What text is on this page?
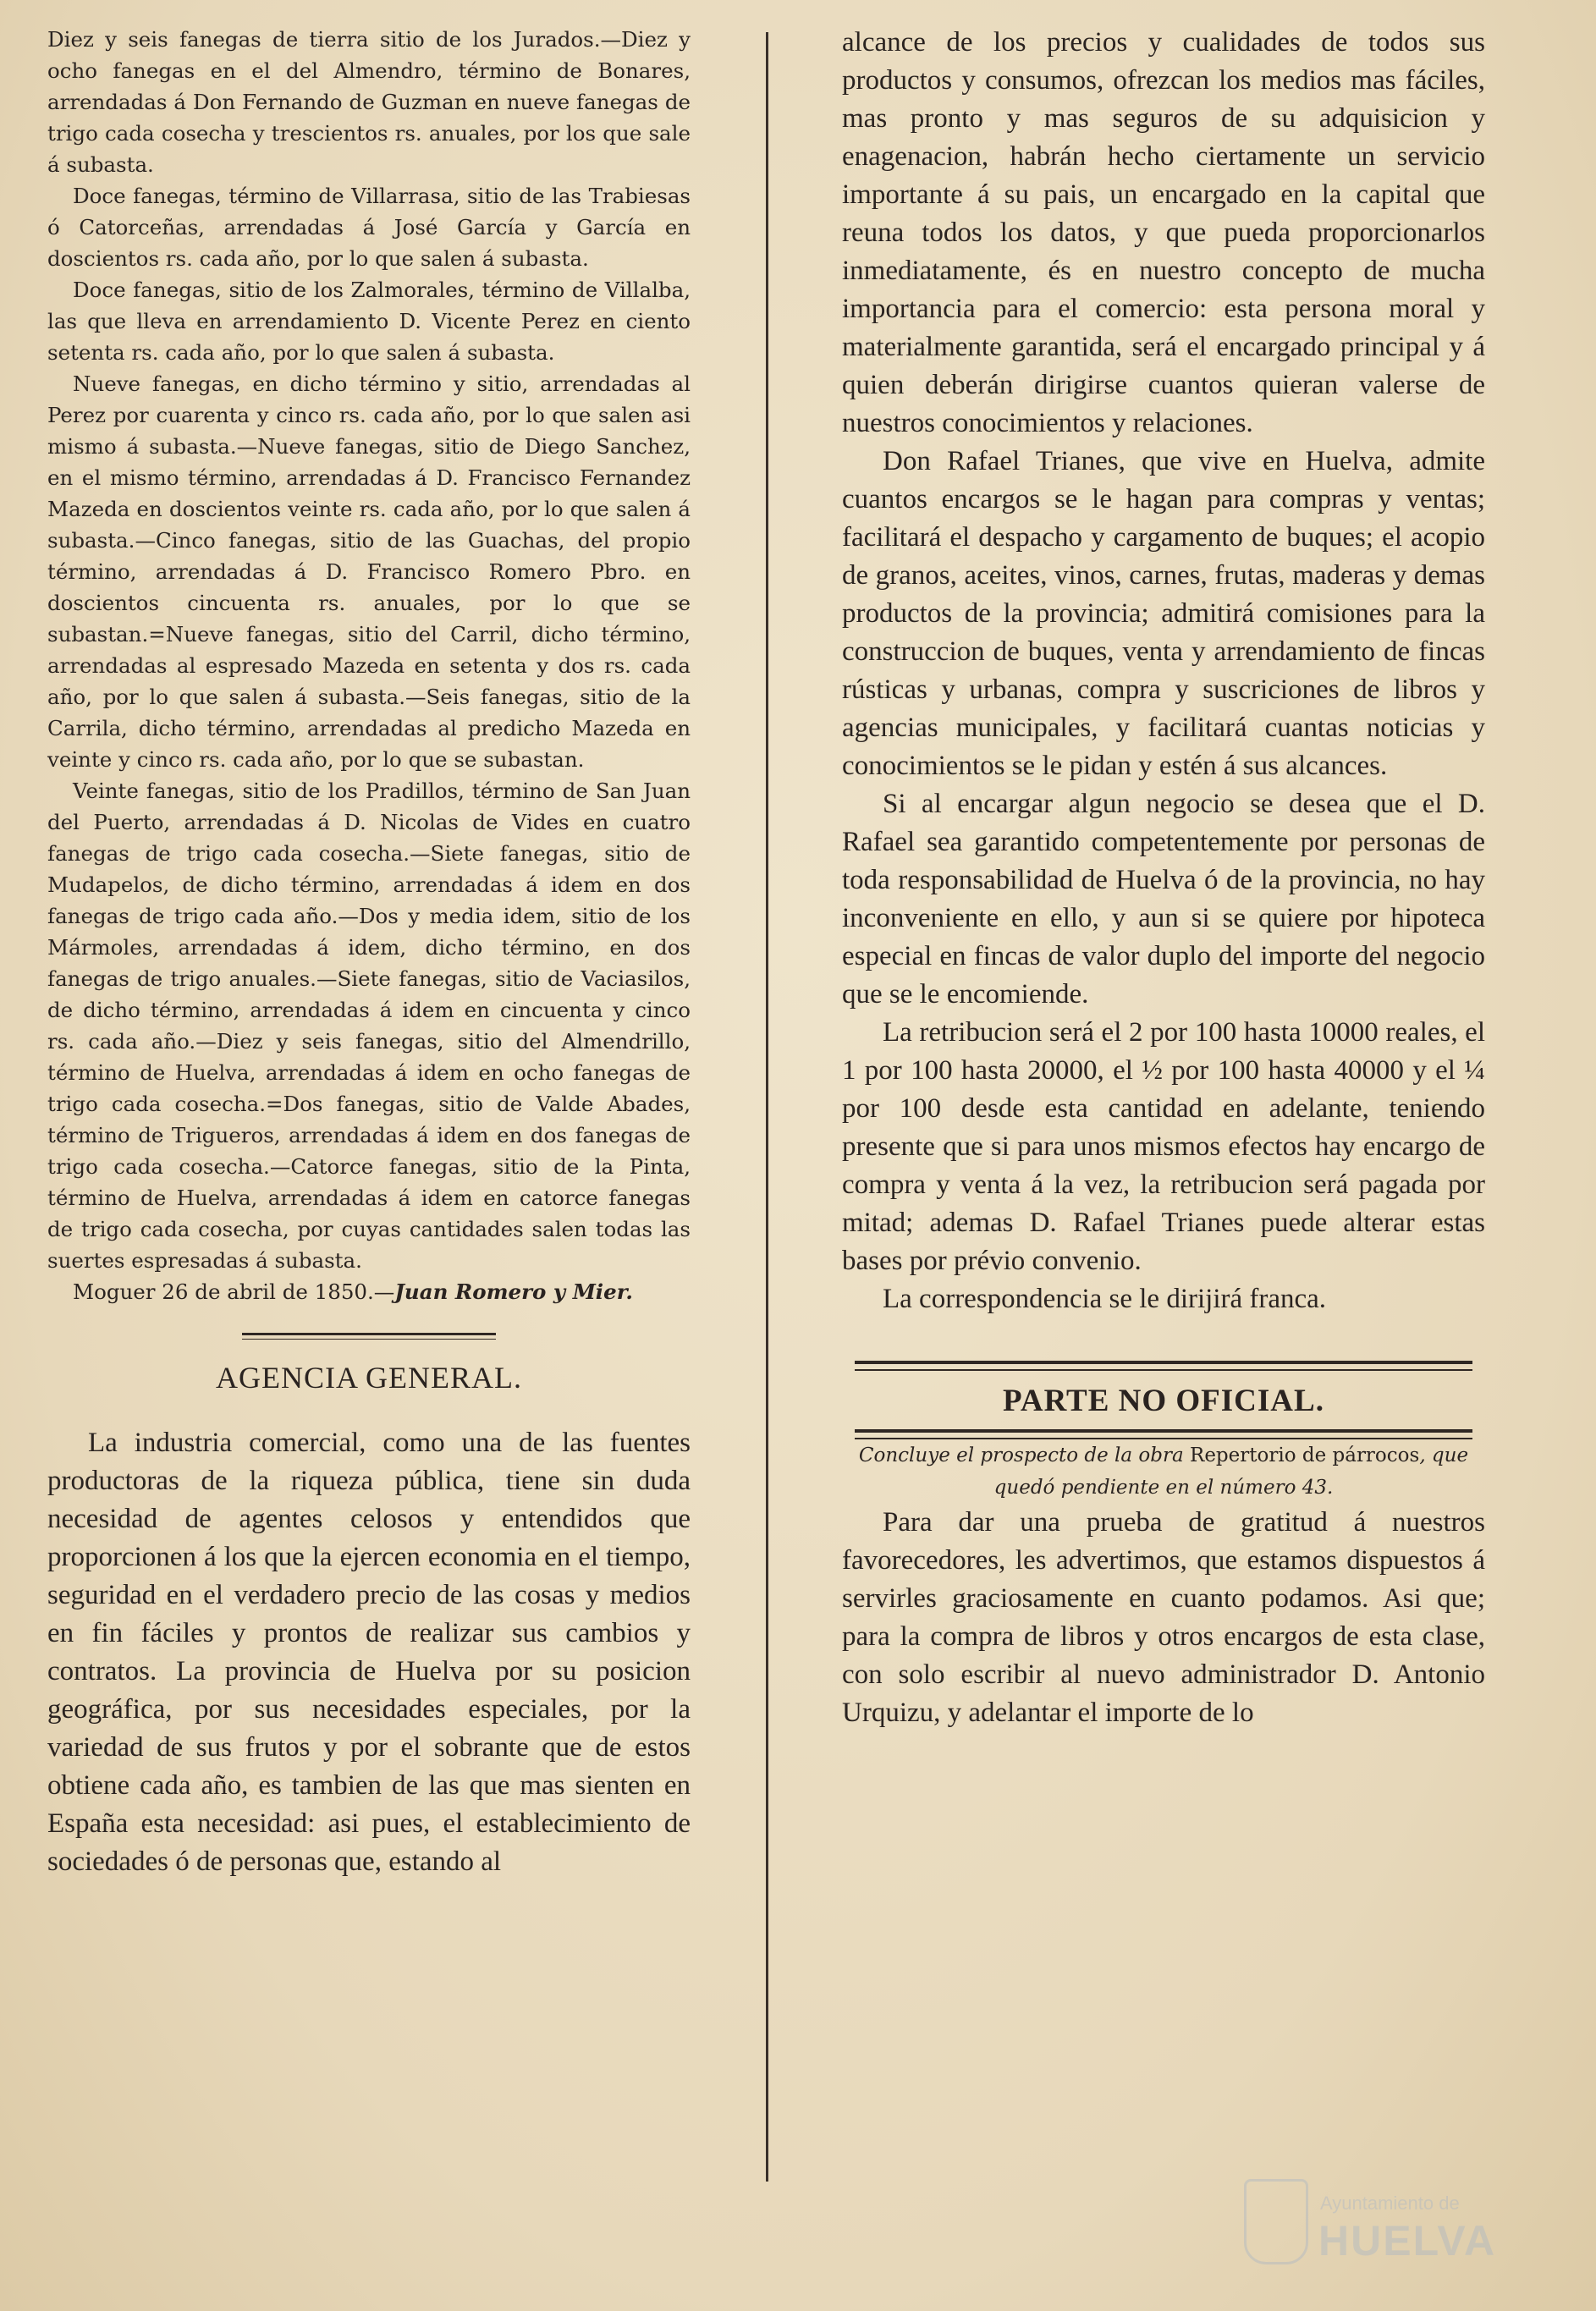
Diez y seis fanegas de tierra sitio de los Jurados.—Diez y ocho fanegas en el del Almendro, término de Bonares, arrendadas á Don Fernando de Guzman en nueve fanegas de trigo cada cosecha y trescientos rs. anuales, por los que sale á subasta.

Doce fanegas, término de Villarrasa, sitio de las Trabiesas ó Catorceñas, arrendadas á José García y García en doscientos rs. cada año, por lo que salen á subasta.

Doce fanegas, sitio de los Zalmorales, término de Villalba, las que lleva en arrendamiento D. Vicente Perez en ciento setenta rs. cada año, por lo que salen á subasta.

Nueve fanegas, en dicho término y sitio, arrendadas al Perez por cuarenta y cinco rs. cada año, por lo que salen asi mismo á subasta.—Nueve fanegas, sitio de Diego Sanchez, en el mismo término, arrendadas á D. Francisco Fernandez Mazeda en doscientos veinte rs. cada año, por lo que salen á subasta.—Cinco fanegas, sitio de las Guachas, del propio término, arrendadas á D. Francisco Romero Pbro. en doscientos cincuenta rs. anuales, por lo que se subastan.=Nueve fanegas, sitio del Carril, dicho término, arrendadas al espresado Mazeda en setenta y dos rs. cada año, por lo que salen á subasta.—Seis fanegas, sitio de la Carrila, dicho término, arrendadas al predicho Mazeda en veinte y cinco rs. cada año, por lo que se subastan.

Veinte fanegas, sitio de los Pradillos, término de San Juan del Puerto, arrendadas á D. Nicolas de Vides en cuatro fanegas de trigo cada cosecha.—Siete fanegas, sitio de Mudapelos, de dicho término, arrendadas á idem en dos fanegas de trigo cada año.—Dos y media idem, sitio de los Mármoles, arrendadas á idem, dicho término, en dos fanegas de trigo anuales.—Siete fanegas, sitio de Vaciasilos, de dicho término, arrendadas á idem en cincuenta y cinco rs. cada año.—Diez y seis fanegas, sitio del Almendrillo, término de Huelva, arrendadas á idem en ocho fanegas de trigo cada cosecha.=Dos fanegas, sitio de Valde Abades, término de Trigueros, arrendadas á idem en dos fanegas de trigo cada cosecha.—Catorce fanegas, sitio de la Pinta, término de Huelva, arrendadas á idem en catorce fanegas de trigo cada cosecha, por cuyas cantidades salen todas las suertes espresadas á subasta.

Moguer 26 de abril de 1850.—Juan Romero y Mier.

AGENCIA GENERAL.

La industria comercial, como una de las fuentes productoras de la riqueza pública, tiene sin duda necesidad de agentes celosos y entendidos que proporcionen á los que la ejercen economia en el tiempo, seguridad en el verdadero precio de las cosas y medios en fin fáciles y prontos de realizar sus cambios y contratos. La provincia de Huelva por su posicion geográfica, por sus necesidades especiales, por la variedad de sus frutos y por el sobrante que de estos obtiene cada año, es tambien de las que mas sienten en España esta necesidad: asi pues, el establecimiento de sociedades ó de personas que, estando al

alcance de los precios y cualidades de todos sus productos y consumos, ofrezcan los medios mas fáciles, mas pronto y mas seguros de su adquisicion y enagenacion, habrán hecho ciertamente un servicio importante á su pais, un encargado en la capital que reuna todos los datos, y que pueda proporcionarlos inmediatamente, és en nuestro concepto de mucha importancia para el comercio: esta persona moral y materialmente garantida, será el encargado principal y á quien deberán dirigirse cuantos quieran valerse de nuestros conocimientos y relaciones.

Don Rafael Trianes, que vive en Huelva, admite cuantos encargos se le hagan para compras y ventas; facilitará el despacho y cargamento de buques; el acopio de granos, aceites, vinos, carnes, frutas, maderas y demas productos de la provincia; admitirá comisiones para la construccion de buques, venta y arrendamiento de fincas rústicas y urbanas, compra y suscriciones de libros y agencias municipales, y facilitará cuantas noticias y conocimientos se le pidan y estén á sus alcances.

Si al encargar algun negocio se desea que el D. Rafael sea garantido competentemente por personas de toda responsabilidad de Huelva ó de la provincia, no hay inconveniente en ello, y aun si se quiere por hipoteca especial en fincas de valor duplo del importe del negocio que se le encomiende.

La retribucion será el 2 por 100 hasta 10000 reales, el 1 por 100 hasta 20000, el ½ por 100 hasta 40000 y el ¼ por 100 desde esta cantidad en adelante, teniendo presente que si para unos mismos efectos hay encargo de compra y venta á la vez, la retribucion será pagada por mitad; ademas D. Rafael Trianes puede alterar estas bases por prévio convenio.

La correspondencia se le dirijirá franca.

PARTE NO OFICIAL.

Concluye el prospecto de la obra Repertorio de párrocos, que quedó pendiente en el número 43.

Para dar una prueba de gratitud á nuestros favorecedores, les advertimos, que estamos dispuestos á servirles graciosamente en cuanto podamos. Asi que; para la compra de libros y otros encargos de esta clase, con solo escribir al nuevo administrador D. Antonio Urquizu, y adelantar el importe de lo

Ayuntamiento de
HUELVA
